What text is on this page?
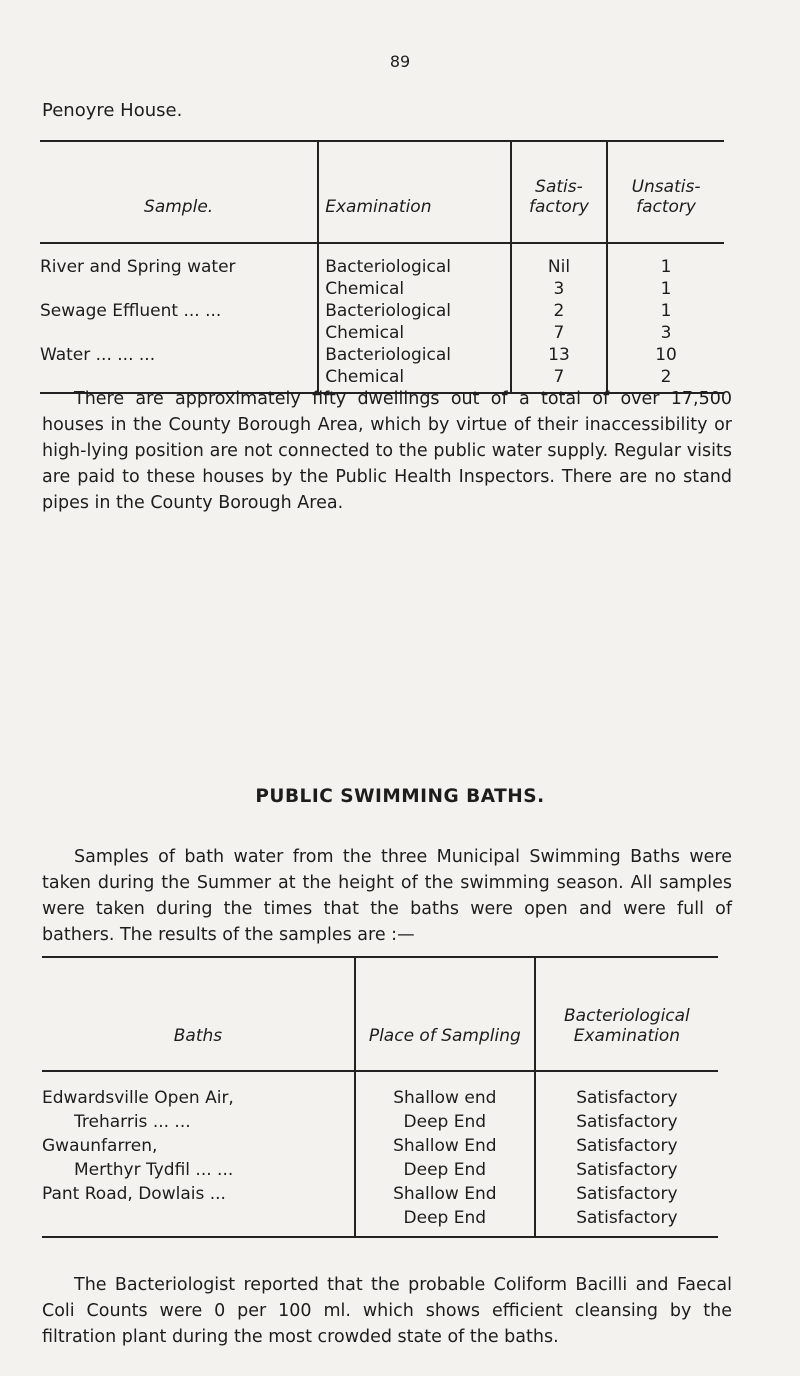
89
Penoyre House.
Sample.	Examination	Satis- factory	Unsatis- factory
River and Spring water	Bacteriological	Nil	1
	Chemical	3	1
Sewage Effluent ... ...	Bacteriological	2	1
	Chemical	7	3
Water ... ... ...	Bacteriological	13	10
	Chemical	7	2

There are approximately fifty dwellings out of a total of over 17,500 houses in the County Borough Area, which by virtue of their inaccessibility or high-lying position are not connected to the public water supply. Regular visits are paid to these houses by the Public Health Inspectors. There are no stand pipes in the County Borough Area.

PUBLIC SWIMMING BATHS.

Samples of bath water from the three Municipal Swimming Baths were taken during the Summer at the height of the swimming season. All samples were taken during the times that the baths were open and were full of bathers. The results of the samples are :—

Baths	Place of Sampling	Bacteriological Examination
Edwardsville Open Air,	Shallow end	Satisfactory
Treharris ... ...	Deep End	Satisfactory
Gwaunfarren,	Shallow End	Satisfactory
Merthyr Tydfil ... ...	Deep End	Satisfactory
Pant Road, Dowlais ...	Shallow End	Satisfactory
	Deep End	Satisfactory

The Bacteriologist reported that the probable Coliform Bacilli and Faecal Coli Counts were 0 per 100 ml. which shows efficient cleansing by the filtration plant during the most crowded state of the baths.
